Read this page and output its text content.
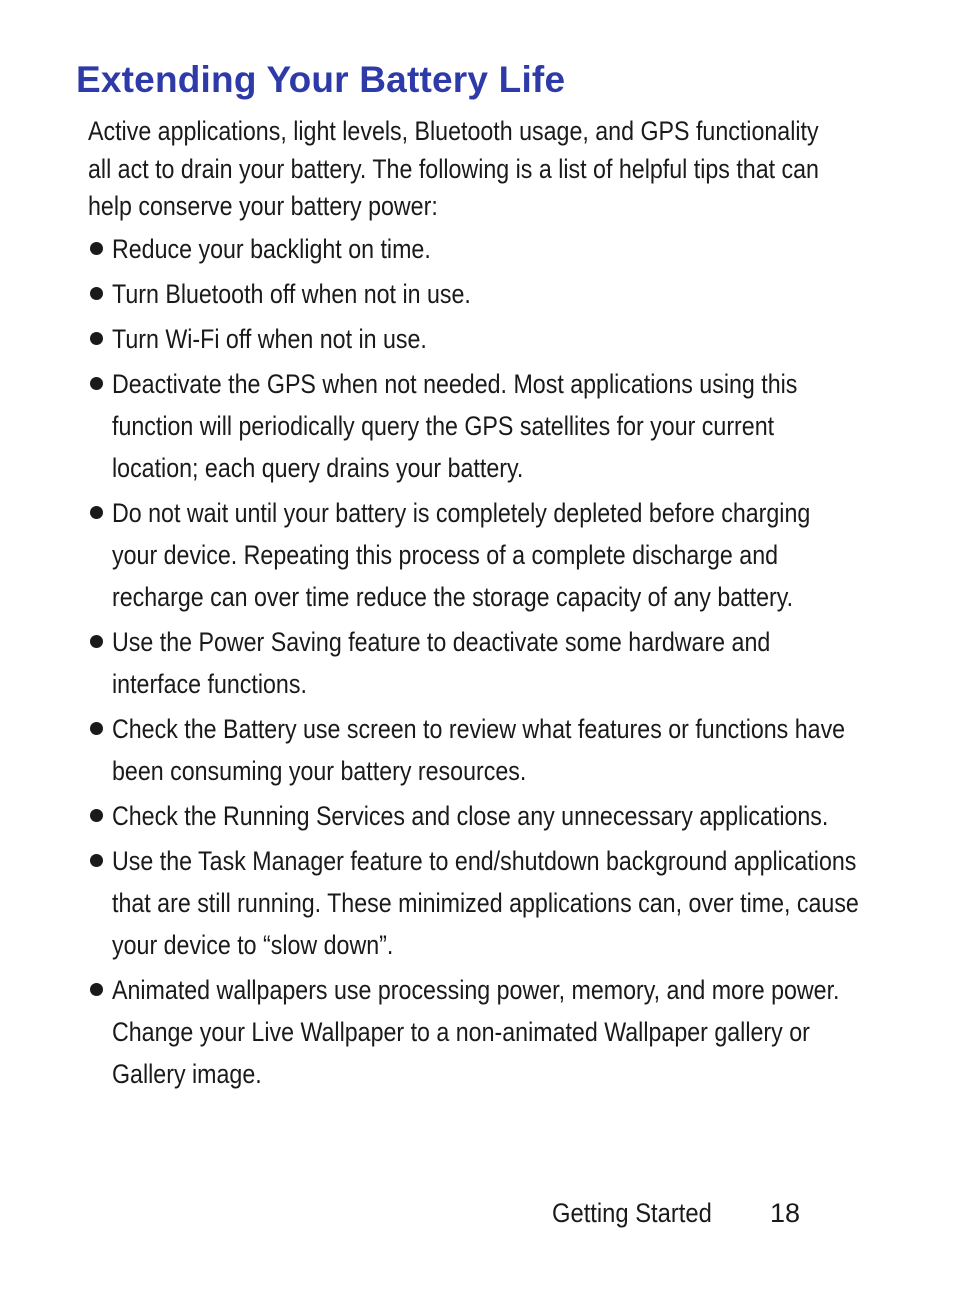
Extending Your Battery Life

Active applications, light levels, Bluetooth usage, and GPS functionality all act to drain your battery. The following is a list of helpful tips that can help conserve your battery power:

Reduce your backlight on time.
Turn Bluetooth off when not in use.
Turn Wi-Fi off when not in use.
Deactivate the GPS when not needed. Most applications using this function will periodically query the GPS satellites for your current location; each query drains your battery.
Do not wait until your battery is completely depleted before charging your device. Repeating this process of a complete discharge and recharge can over time reduce the storage capacity of any battery.
Use the Power Saving feature to deactivate some hardware and interface functions.
Check the Battery use screen to review what features or functions have been consuming your battery resources.
Check the Running Services and close any unnecessary applications.
Use the Task Manager feature to end/shutdown background applications that are still running. These minimized applications can, over time, cause your device to “slow down”.
Animated wallpapers use processing power, memory, and more power. Change your Live Wallpaper to a non-animated Wallpaper gallery or Gallery image.
Getting Started 18
